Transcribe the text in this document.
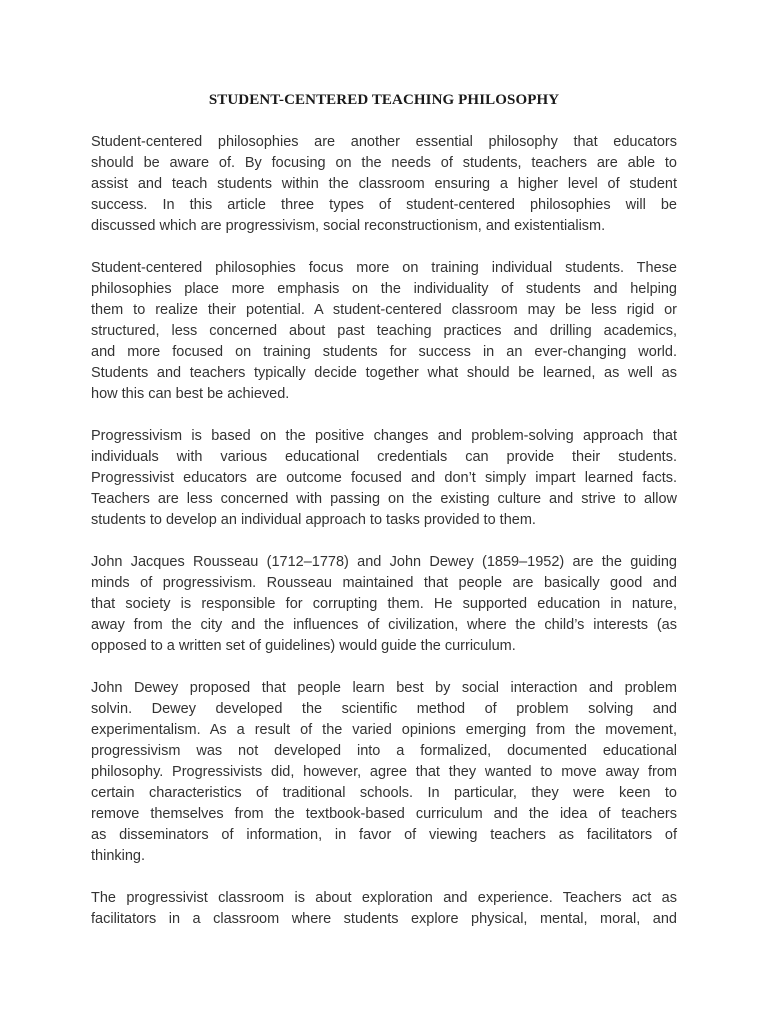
STUDENT-CENTERED TEACHING PHILOSOPHY
Student-centered philosophies are another essential philosophy that educators
should be aware of. By focusing on the needs of students, teachers are able to
assist and teach students within the classroom ensuring a higher level of student
success. In this article three types of student-centered philosophies will be
discussed which are progressivism, social reconstructionism, and existentialism.
Student-centered philosophies focus more on training individual students. These
philosophies place more emphasis on the individuality of students and helping
them to realize their potential. A student-centered classroom may be less rigid or
structured, less concerned about past teaching practices and drilling academics,
and more focused on training students for success in an ever-changing world.
Students and teachers typically decide together what should be learned, as well as
how this can best be achieved.
Progressivism is based on the positive changes and problem-solving approach that
individuals with various educational credentials can provide their students.
Progressivist educators are outcome focused and don’t simply impart learned facts.
Teachers are less concerned with passing on the existing culture and strive to allow
students to develop an individual approach to tasks provided to them.
John Jacques Rousseau (1712–1778) and John Dewey (1859–1952) are the guiding
minds of progressivism. Rousseau maintained that people are basically good and
that society is responsible for corrupting them. He supported education in nature,
away from the city and the influences of civilization, where the child’s interests (as
opposed to a written set of guidelines) would guide the curriculum.
John Dewey proposed that people learn best by social interaction and problem
solvin. Dewey developed the scientific method of problem solving and
experimentalism. As a result of the varied opinions emerging from the movement,
progressivism was not developed into a formalized, documented educational
philosophy. Progressivists did, however, agree that they wanted to move away from
certain characteristics of traditional schools. In particular, they were keen to
remove themselves from the textbook-based curriculum and the idea of teachers
as disseminators of information, in favor of viewing teachers as facilitators of
thinking.
The progressivist classroom is about exploration and experience. Teachers act as
facilitators in a classroom where students explore physical, mental, moral, and
